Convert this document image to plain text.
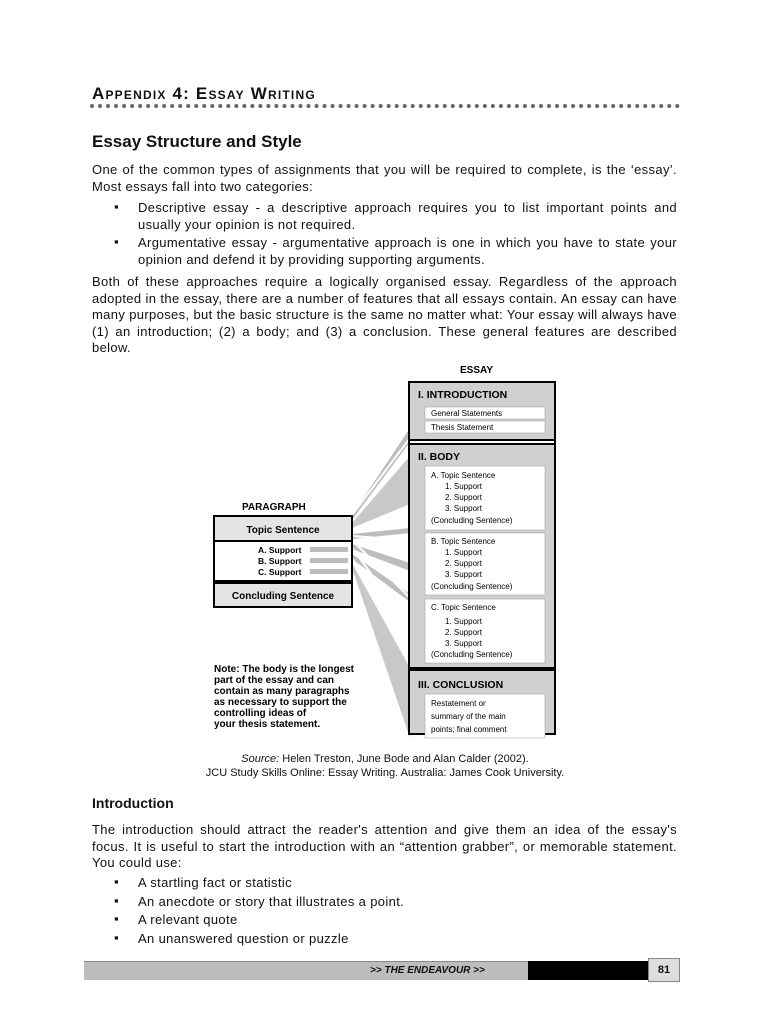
Appendix 4: Essay Writing
Essay Structure and Style
One of the common types of assignments that you will be required to complete, is the ‘essay’. Most essays fall into two categories:
▪ Descriptive essay - a descriptive approach requires you to list important points and usually your opinion is not required.
▪ Argumentative essay - argumentative approach is one in which you have to state your opinion and defend it by providing supporting arguments.
Both of these approaches require a logically organised essay. Regardless of the approach adopted in the essay, there are a number of features that all essays contain. An essay can have many purposes, but the basic structure is the same no matter what: Your essay will always have (1) an introduction; (2) a body; and (3) a conclusion. These general features are described below.
ESSAY
I. INTRODUCTION
General Statements
Thesis Statement
II. BODY
A. Topic Sentence
1. Support
2. Support
3. Support
(Concluding Sentence)
B. Topic Sentence
1. Support
2. Support
3. Support
(Concluding Sentence)
C. Topic Sentence
1. Support
2. Support
3. Support
(Concluding Sentence)
III. CONCLUSION
Restatement or
summary of the main
points; final comment
PARAGRAPH
Topic Sentence
A. Support
B. Support
C. Support
Concluding Sentence
Note: The body is the longest
part of the essay and can
contain as many paragraphs
as necessary to support the
controlling ideas of
your thesis statement.
Source: Helen Treston, June Bode and Alan Calder (2002).
JCU Study Skills Online: Essay Writing. Australia: James Cook University.
Introduction
The introduction should attract the reader's attention and give them an idea of the essay's focus. It is useful to start the introduction with an “attention grabber”, or memorable statement. You could use:
▪ A startling fact or statistic
▪ An anecdote or story that illustrates a point.
▪ A relevant quote
▪ An unanswered question or puzzle
>> THE ENDEAVOUR >>	81
